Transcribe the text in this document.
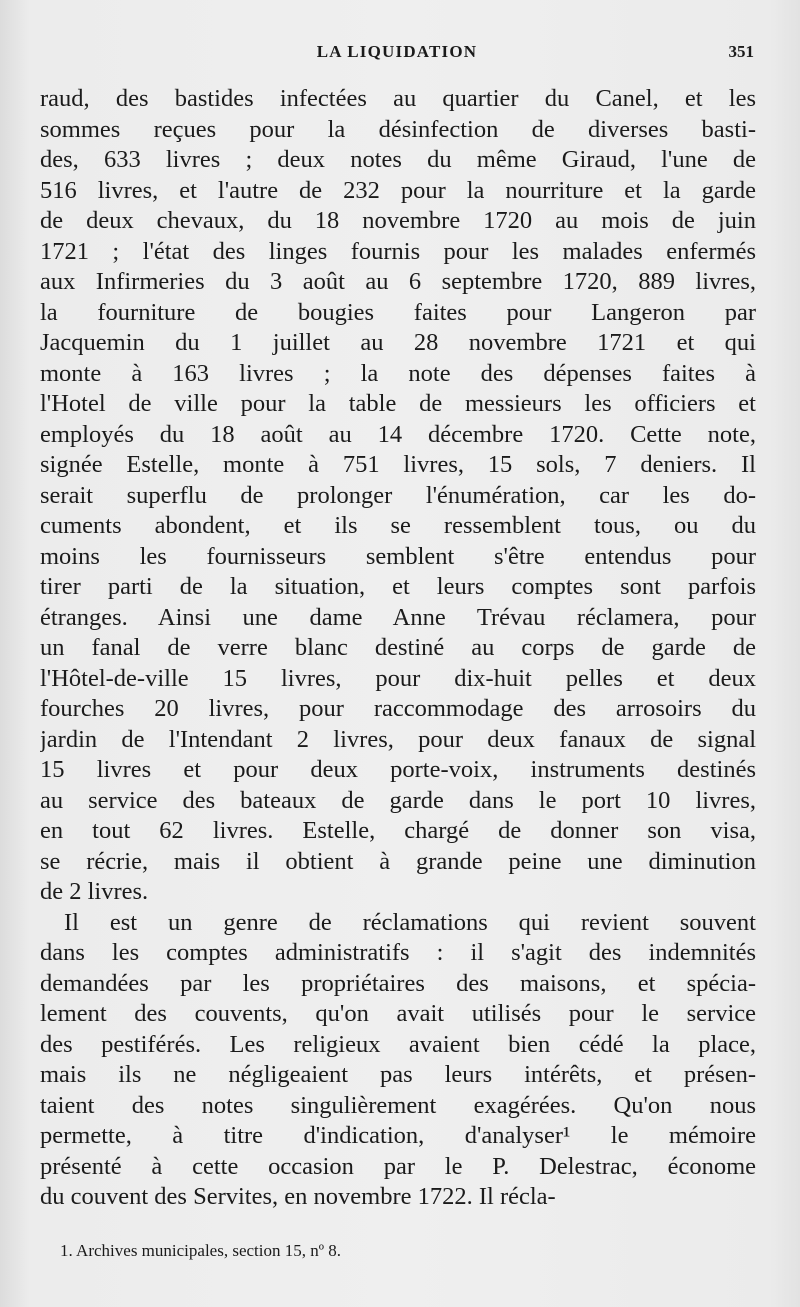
LA LIQUIDATION	351
raud, des bastides infectées au quartier du Canel, et les
sommes reçues pour la désinfection de diverses basti-
des, 633 livres ; deux notes du même Giraud, l'une de
516 livres, et l'autre de 232 pour la nourriture et la garde
de deux chevaux, du 18 novembre 1720 au mois de juin
1721 ; l'état des linges fournis pour les malades enfermés
aux Infirmeries du 3 août au 6 septembre 1720, 889 livres,
la fourniture de bougies faites pour Langeron par
Jacquemin du 1 juillet au 28 novembre 1721 et qui
monte à 163 livres ; la note des dépenses faites à
l'Hotel de ville pour la table de messieurs les officiers et
employés du 18 août au 14 décembre 1720. Cette note,
signée Estelle, monte à 751 livres, 15 sols, 7 deniers. Il
serait superflu de prolonger l'énumération, car les do-
cuments abondent, et ils se ressemblent tous, ou du
moins les fournisseurs semblent s'être entendus pour
tirer parti de la situation, et leurs comptes sont parfois
étranges. Ainsi une dame Anne Trévau réclamera, pour
un fanal de verre blanc destiné au corps de garde de
l'Hôtel-de-ville 15 livres, pour dix-huit pelles et deux
fourches 20 livres, pour raccommodage des arrosoirs du
jardin de l'Intendant 2 livres, pour deux fanaux de signal
15 livres et pour deux porte-voix, instruments destinés
au service des bateaux de garde dans le port 10 livres,
en tout 62 livres. Estelle, chargé de donner son visa,
se récrie, mais il obtient à grande peine une diminution
de 2 livres.
Il est un genre de réclamations qui revient souvent
dans les comptes administratifs : il s'agit des indemnités
demandées par les propriétaires des maisons, et spécia-
lement des couvents, qu'on avait utilisés pour le service
des pestiférés. Les religieux avaient bien cédé la place,
mais ils ne négligeaient pas leurs intérêts, et présen-
taient des notes singulièrement exagérées. Qu'on nous
permette, à titre d'indication, d'analyser¹ le mémoire
présenté à cette occasion par le P. Delestrac, économe
du couvent des Servites, en novembre 1722. Il récla-
1. Archives municipales, section 15, nº 8.
